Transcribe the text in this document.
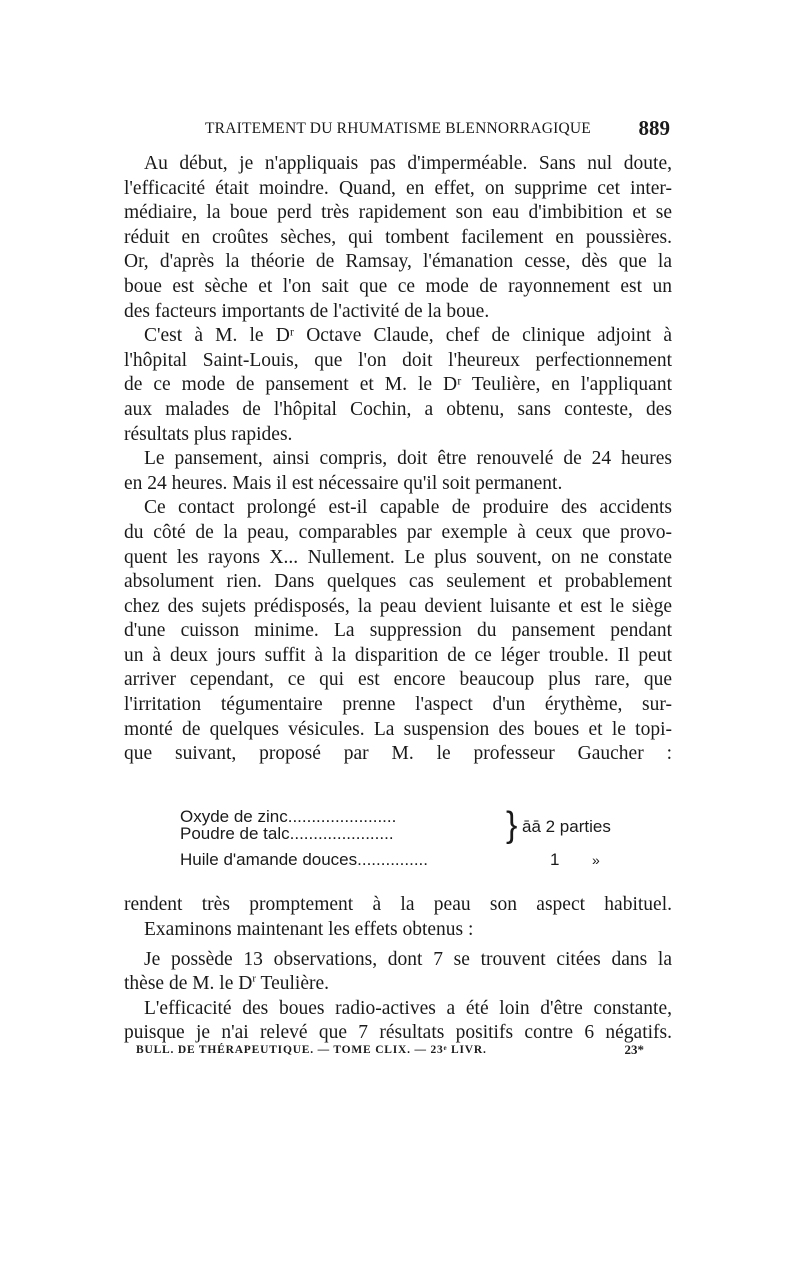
TRAITEMENT DU RHUMATISME BLENNORRAGIQUE 889
Au début, je n'appliquais pas d'imperméable. Sans nul doute,
l'efficacité était moindre. Quand, en effet, on supprime cet inter-
médiaire, la boue perd très rapidement son eau d'imbibition et se
réduit en croûtes sèches, qui tombent facilement en poussières.
Or, d'après la théorie de Ramsay, l'émanation cesse, dès que la
boue est sèche et l'on sait que ce mode de rayonnement est un
des facteurs importants de l'activité de la boue.
C'est à M. le Dʳ Octave Claude, chef de clinique adjoint à
l'hôpital Saint-Louis, que l'on doit l'heureux perfectionnement
de ce mode de pansement et M. le Dʳ Teulière, en l'appliquant
aux malades de l'hôpital Cochin, a obtenu, sans conteste, des
résultats plus rapides.
Le pansement, ainsi compris, doit être renouvelé de 24 heures
en 24 heures. Mais il est nécessaire qu'il soit permanent.
Ce contact prolongé est-il capable de produire des accidents
du côté de la peau, comparables par exemple à ceux que provo-
quent les rayons X... Nullement. Le plus souvent, on ne constate
absolument rien. Dans quelques cas seulement et probablement
chez des sujets prédisposés, la peau devient luisante et est le siège
d'une cuisson minime. La suppression du pansement pendant
un à deux jours suffit à la disparition de ce léger trouble. Il peut
arriver cependant, ce qui est encore beaucoup plus rare, que
l'irritation tégumentaire prenne l'aspect d'un érythème, sur-
monté de quelques vésicules. La suspension des boues et le topi-
que suivant, proposé par M. le professeur Gaucher :
Oxyde de zinc.......................
Poudre de talc......................	} āā 2 parties
Huile d'amande douces...............	1 »
rendent très promptement à la peau son aspect habituel.
Examinons maintenant les effets obtenus :
Je possède 13 observations, dont 7 se trouvent citées dans la
thèse de M. le $D^r$ Teulière.
L'efficacité des boues radio-actives a été loin d'être constante,
puisque je n'ai relevé que 7 résultats positifs contre 6 négatifs.
BULL. DE THÉRAPEUTIQUE. — TOME CLIX. — 23ᵉ LIVR.	23*
